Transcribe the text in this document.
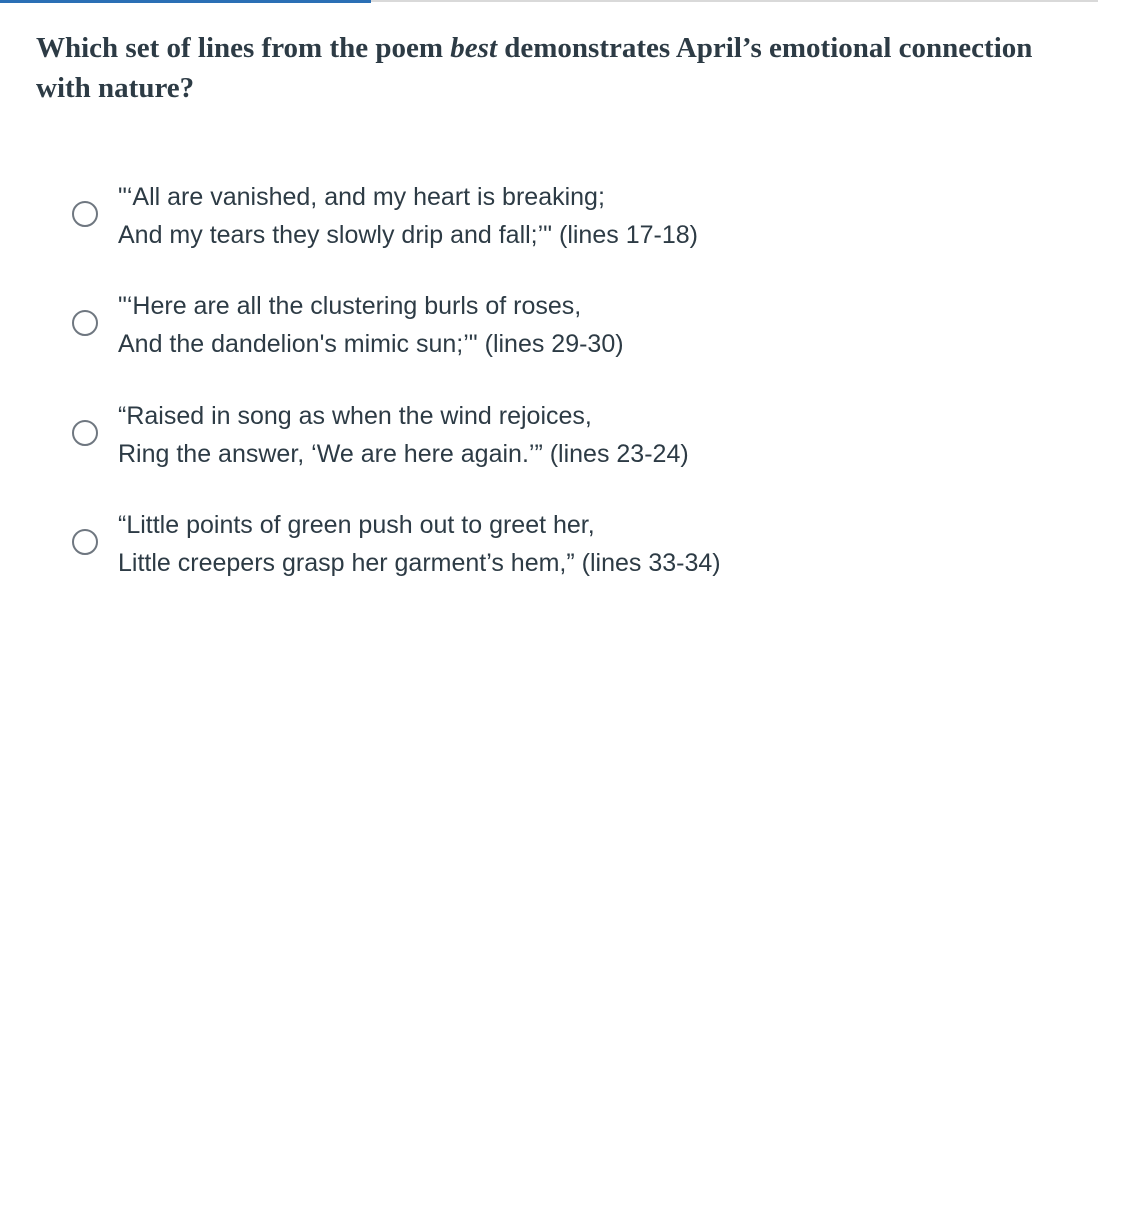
Which set of lines from the poem best demonstrates April’s emotional connection with nature?
"‘All are vanished, and my heart is breaking;
And my tears they slowly drip and fall;’" (lines 17-18)
"‘Here are all the clustering burls of roses,
And the dandelion's mimic sun;’" (lines 29-30)
“Raised in song as when the wind rejoices,
Ring the answer, ‘We are here again.’” (lines 23-24)
“Little points of green push out to greet her,
Little creepers grasp her garment’s hem,” (lines 33-34)
